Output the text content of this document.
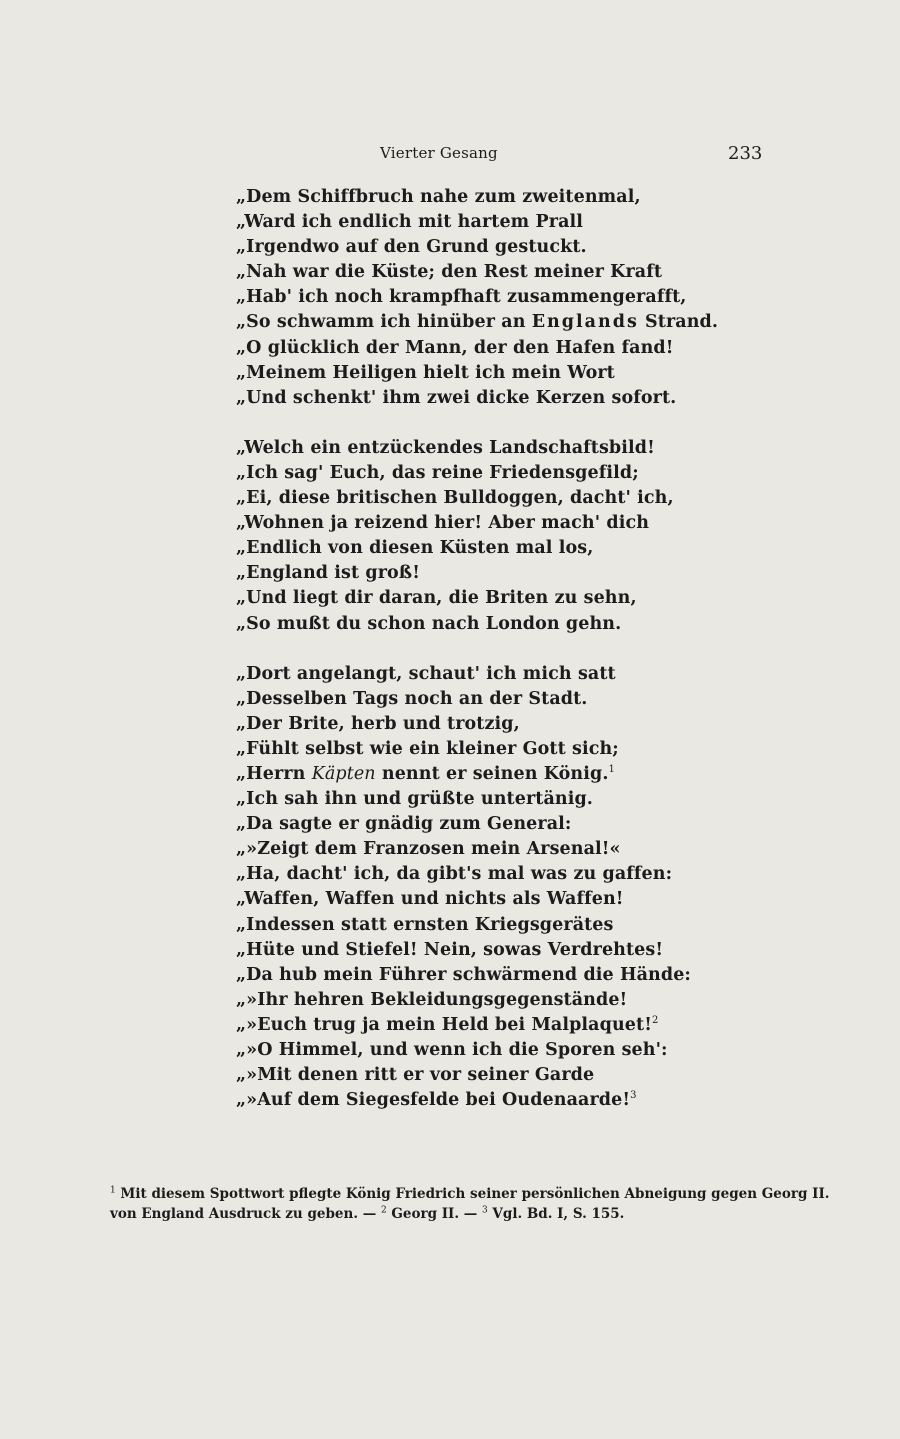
Vierter Gesang	233
„Dem Schiffbruch nahe zum zweitenmal,
„Ward ich endlich mit hartem Prall
„Irgendwo auf den Grund gestuckt.
„Nah war die Küste; den Rest meiner Kraft
„Hab' ich noch krampfhaft zusammengerafft,
„So schwamm ich hinüber an Englands Strand.
„O glücklich der Mann, der den Hafen fand!
„Meinem Heiligen hielt ich mein Wort
„Und schenkt' ihm zwei dicke Kerzen sofort.
„Welch ein entzückendes Landschaftsbild!
„Ich sag' Euch, das reine Friedensgefild;
„Ei, diese britischen Bulldoggen, dacht' ich,
„Wohnen ja reizend hier! Aber mach' dich
„Endlich von diesen Küsten mal los,
„England ist groß!
„Und liegt dir daran, die Briten zu sehn,
„So mußt du schon nach London gehn.
„Dort angelangt, schaut' ich mich satt
„Desselben Tags noch an der Stadt.
„Der Brite, herb und trotzig,
„Fühlt selbst wie ein kleiner Gott sich;
„Herrn Käpten nennt er seinen König.$^1$
„Ich sah ihn und grüßte untertänig.
„Da sagte er gnädig zum General:
„»Zeigt dem Franzosen mein Arsenal!«
„Ha, dacht' ich, da gibt's mal was zu gaffen:
„Waffen, Waffen und nichts als Waffen!
„Indessen statt ernsten Kriegsgerätes
„Hüte und Stiefel! Nein, sowas Verdrehtes!
„Da hub mein Führer schwärmend die Hände:
„»Ihr hehren Bekleidungsgegenstände!
„»Euch trug ja mein Held bei Malplaquet!$^2$
„»O Himmel, und wenn ich die Sporen seh':
„»Mit denen ritt er vor seiner Garde
„»Auf dem Siegesfelde bei Oudenaarde!$^3$
$^1$ Mit diesem Spottwort pflegte König Friedrich seiner persönlichen Abneigung gegen Georg II.
von England Ausdruck zu geben. — $^2$ Georg II. — $^3$ Vgl. Bd. I, S. 155.
